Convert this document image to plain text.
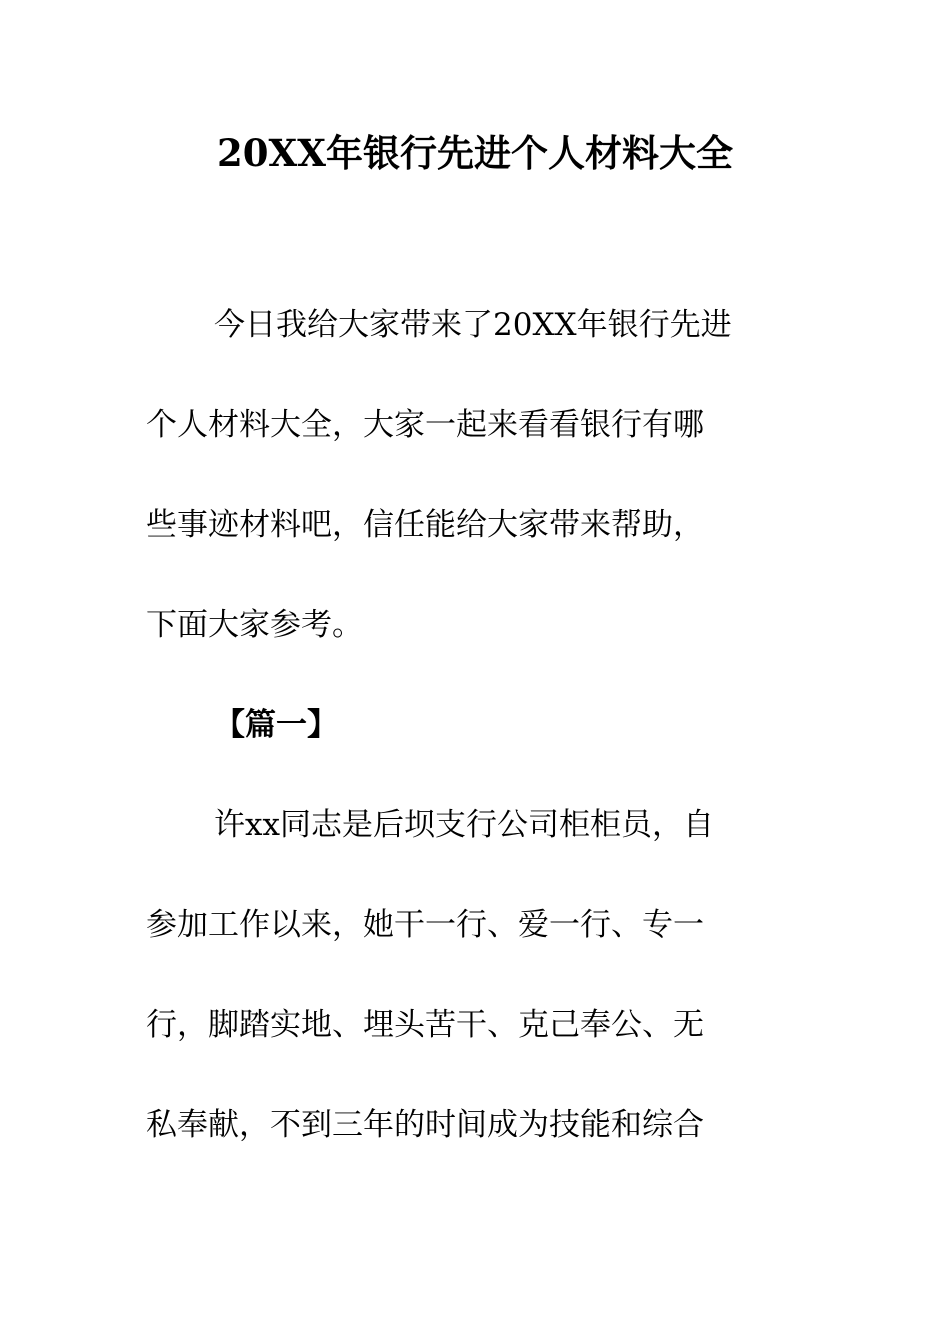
20XX年银行先进个人材料大全
今日我给大家带来了20XX年银行先进
个人材料大全，大家一起来看看银行有哪
些事迹材料吧，信任能给大家带来帮助，
下面大家参考。
【篇一】
许xx同志是后坝支行公司柜柜员，自
参加工作以来，她干一行、爱一行、专一
行，脚踏实地、埋头苦干、克己奉公、无
私奉献，不到三年的时间成为技能和综合
